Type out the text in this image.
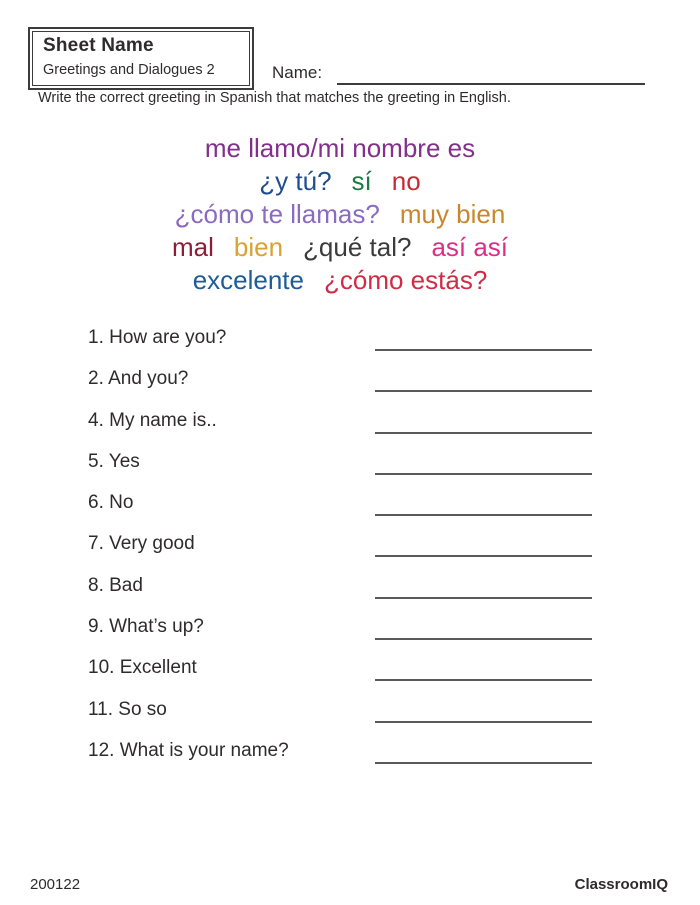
Sheet Name
Greetings and Dialogues 2	Name:
Write the correct greeting in Spanish that matches the greeting in English.
me llamo/mi nombre es
¿y tú? sí no
¿cómo te llamas? muy bien
mal bien ¿qué tal? así así
excelente ¿cómo estás?
1. How are you?
2. And you?
4. My name is..
5. Yes
6. No
7. Very good
8. Bad
9. What’s up?
10. Excellent
11. So so
12. What is your name?
200122	ClassroomIQ
